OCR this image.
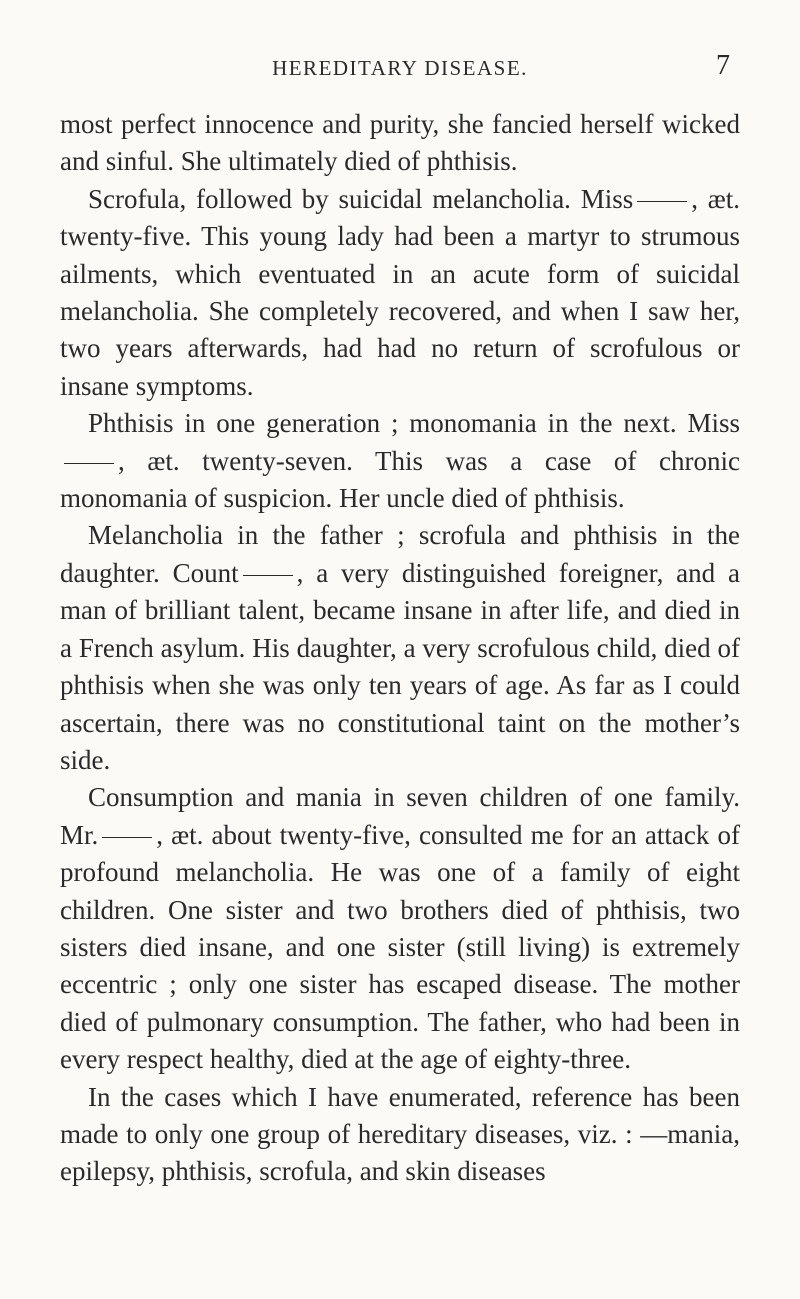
HEREDITARY DISEASE.	7

most perfect innocence and purity, she fancied herself wicked and sinful. She ultimately died of phthisis.

Scrofula, followed by suicidal melancholia. Miss , æt. twenty-five. This young lady had been a martyr to strumous ailments, which eventuated in an acute form of suicidal melancholia. She completely recovered, and when I saw her, two years afterwards, had had no return of scrofulous or insane symptoms.

Phthisis in one generation ; monomania in the next. Miss, æt. twenty-seven. This was a case of chronic monomania of suspicion. Her uncle died of phthisis.

Melancholia in the father ; scrofula and phthisis in the daughter. Count , a very distinguished foreigner, and a man of brilliant talent, became insane in after life, and died in a French asylum. His daughter, a very scrofulous child, died of phthisis when she was only ten years of age. As far as I could ascertain, there was no constitutional taint on the mother’s side.

Consumption and mania in seven children of one family. Mr. , æt. about twenty-five, consulted me for an attack of profound melancholia. He was one of a family of eight children. One sister and two brothers died of phthisis, two sisters died insane, and one sister (still living) is extremely eccentric ; only one sister has escaped disease. The mother died of pulmonary consumption. The father, who had been in every respect healthy, died at the age of eighty-three.

In the cases which I have enumerated, reference has been made to only one group of hereditary diseases, viz. : —mania, epilepsy, phthisis, scrofula, and skin diseases
